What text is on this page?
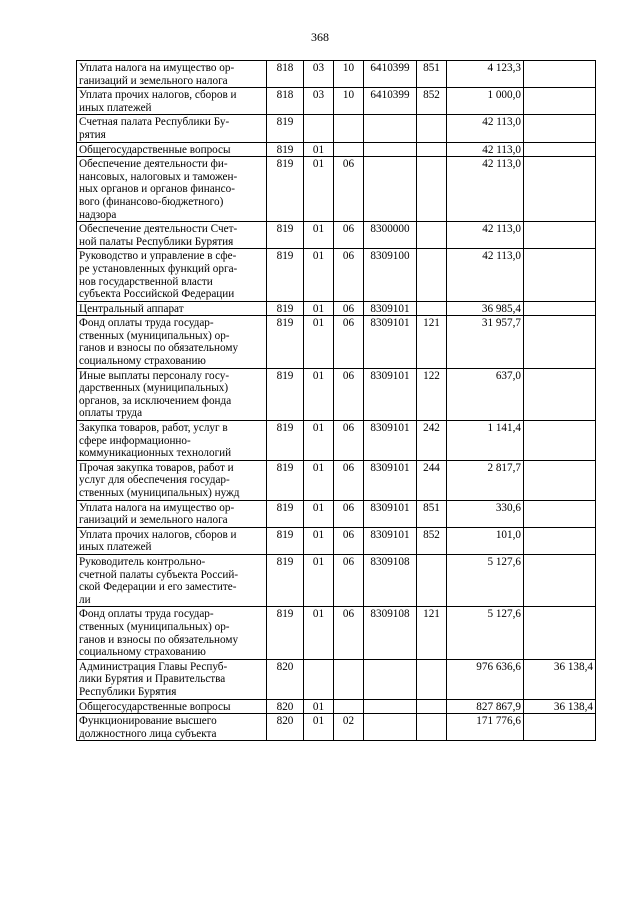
368
Уплата налога на имущество ор-
ганизаций и земельного налога	818	03	10	6410399	851	4 123,3	
Уплата прочих налогов, сборов и
иных платежей	818	03	10	6410399	852	1 000,0	
Счетная палата Республики Бу-
рятия	819					42 113,0	
Общегосударственные вопросы	819	01				42 113,0	
Обеспечение деятельности фи-
нансовых, налоговых и таможен-
ных органов и органов финансо-
вого (финансово-бюджетного)
надзора	819	01	06			42 113,0	
Обеспечение деятельности Счет-
ной палаты Республики Бурятия	819	01	06	8300000		42 113,0	
Руководство и управление в сфе-
ре установленных функций орга-
нов государственной власти
субъекта Российской Федерации	819	01	06	8309100		42 113,0	
Центральный аппарат	819	01	06	8309101		36 985,4	
Фонд оплаты труда государ-
ственных (муниципальных) ор-
ганов и взносы по обязательному
социальному страхованию	819	01	06	8309101	121	31 957,7	
Иные выплаты персоналу госу-
дарственных (муниципальных)
органов, за исключением фонда
оплаты труда	819	01	06	8309101	122	637,0	
Закупка товаров, работ, услуг в
сфере информационно-
коммуникационных технологий	819	01	06	8309101	242	1 141,4	
Прочая закупка товаров, работ и
услуг для обеспечения государ-
ственных (муниципальных) нужд	819	01	06	8309101	244	2 817,7	
Уплата налога на имущество ор-
ганизаций и земельного налога	819	01	06	8309101	851	330,6	
Уплата прочих налогов, сборов и
иных платежей	819	01	06	8309101	852	101,0	
Руководитель контрольно-
счетной палаты субъекта Россий-
ской Федерации и его заместите-
ли	819	01	06	8309108		5 127,6	
Фонд оплаты труда государ-
ственных (муниципальных) ор-
ганов и взносы по обязательному
социальному страхованию	819	01	06	8309108	121	5 127,6	
Администрация Главы Респуб-
лики Бурятия и Правительства
Республики Бурятия	820					976 636,6	36 138,4
Общегосударственные вопросы	820	01				827 867,9	36 138,4
Функционирование высшего
должностного лица субъекта	820	01	02			171 776,6	
